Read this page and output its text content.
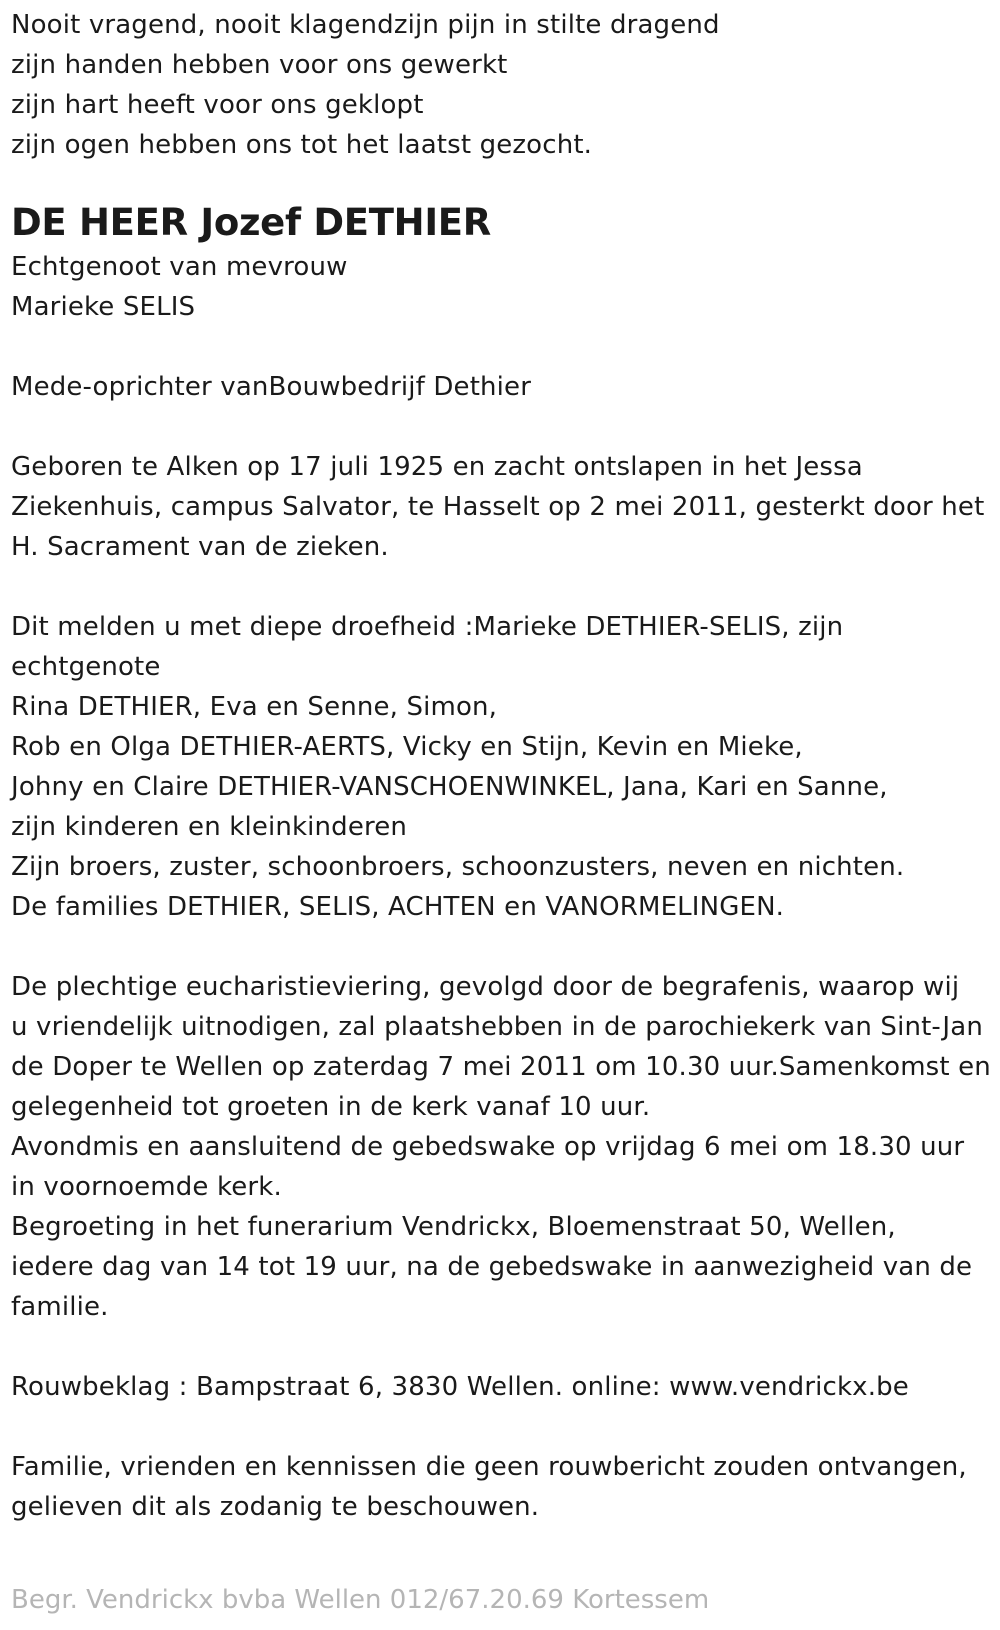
Nooit vragend, nooit klagendzijn pijn in stilte dragend
zijn handen hebben voor ons gewerkt
zijn hart heeft voor ons geklopt
zijn ogen hebben ons tot het laatst gezocht.
DE HEER Jozef DETHIER
Echtgenoot van mevrouw
Marieke SELIS
Mede-oprichter vanBouwbedrijf Dethier
Geboren te Alken op 17 juli 1925 en zacht ontslapen in het Jessa
Ziekenhuis, campus Salvator, te Hasselt op 2 mei 2011, gesterkt door het
H. Sacrament van de zieken.
Dit melden u met diepe droefheid :Marieke DETHIER-SELIS, zijn
echtgenote
Rina DETHIER, Eva en Senne, Simon,
Rob en Olga DETHIER-AERTS, Vicky en Stijn, Kevin en Mieke,
Johny en Claire DETHIER-VANSCHOENWINKEL, Jana, Kari en Sanne,
zijn kinderen en kleinkinderen
Zijn broers, zuster, schoonbroers, schoonzusters, neven en nichten.
De families DETHIER, SELIS, ACHTEN en VANORMELINGEN.
De plechtige eucharistieviering, gevolgd door de begrafenis, waarop wij
u vriendelijk uitnodigen, zal plaatshebben in de parochiekerk van Sint-Jan
de Doper te Wellen op zaterdag 7 mei 2011 om 10.30 uur.Samenkomst en
gelegenheid tot groeten in de kerk vanaf 10 uur.
Avondmis en aansluitend de gebedswake op vrijdag 6 mei om 18.30 uur
in voornoemde kerk.
Begroeting in het funerarium Vendrickx, Bloemenstraat 50, Wellen,
iedere dag van 14 tot 19 uur, na de gebedswake in aanwezigheid van de
familie.
Rouwbeklag : Bampstraat 6, 3830 Wellen. online: www.vendrickx.be
Familie, vrienden en kennissen die geen rouwbericht zouden ontvangen,
gelieven dit als zodanig te beschouwen.
Begr. Vendrickx bvba Wellen 012/67.20.69 Kortessem
